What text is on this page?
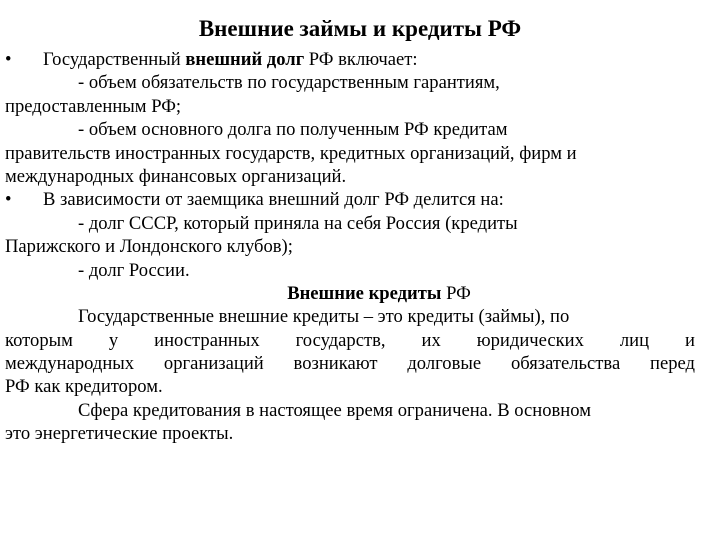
Внешние займы и кредиты РФ
• Государственный внешний долг РФ включает:
- объем обязательств по государственным гарантиям,
предоставленным РФ;
- объем основного долга по полученным РФ кредитам
правительств иностранных государств, кредитных организаций, фирм и
международных финансовых организаций.
• В зависимости от заемщика внешний долг РФ делится на:
- долг СССР, который приняла на себя Россия (кредиты
Парижского и Лондонского клубов);
- долг России.
Внешние кредиты РФ
Государственные внешние кредиты – это кредиты (займы), по
которым у иностранных государств, их юридических лиц и
международных организаций возникают долговые обязательства перед
РФ как кредитором.
Сфера кредитования в настоящее время ограничена. В основном
это энергетические проекты.
